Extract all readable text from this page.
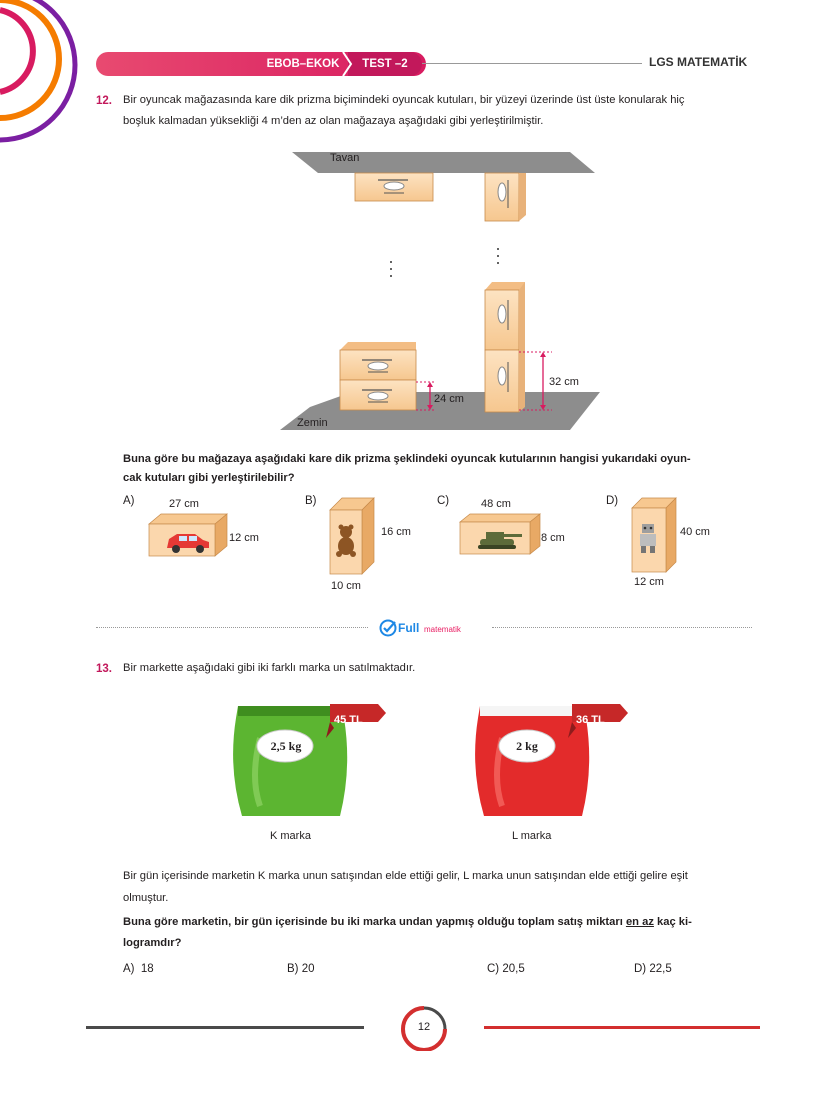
EBOB–EKOK	TEST –2	LGS MATEMATİK
12. Bir oyuncak mağazasında kare dik prizma biçimindeki oyuncak kutuları, bir yüzeyi üzerinde üst üste konularak hiç
boşluk kalmadan yüksekliği 4 m’den az olan mağazaya aşağıdaki gibi yerleştirilmiştir.
Tavan
Zemin
24 cm
32 cm
Buna göre bu mağazaya aşağıdaki kare dik prizma şeklindeki oyuncak kutularının hangisi yukarıdaki oyun-
cak kutuları gibi yerleştirilebilir?
A)	27 cm
12 cm
B)
16 cm
10 cm
C)	48 cm
8 cm
D)
40 cm
12 cm
Full matematik
13. Bir markette aşağıdaki gibi iki farklı marka un satılmaktadır.
45 TL
2,5 kg
K marka
36 TL
2 kg
L marka
Bir gün içerisinde marketin K marka unun satışından elde ettiği gelir, L marka unun satışından elde ettiği gelire eşit
olmuştur.
Buna göre marketin, bir gün içerisinde bu iki marka undan yapmış olduğu toplam satış miktarı en az kaç ki-
logramdır?
A) 18	B) 20	C) 20,5	D) 22,5
12
